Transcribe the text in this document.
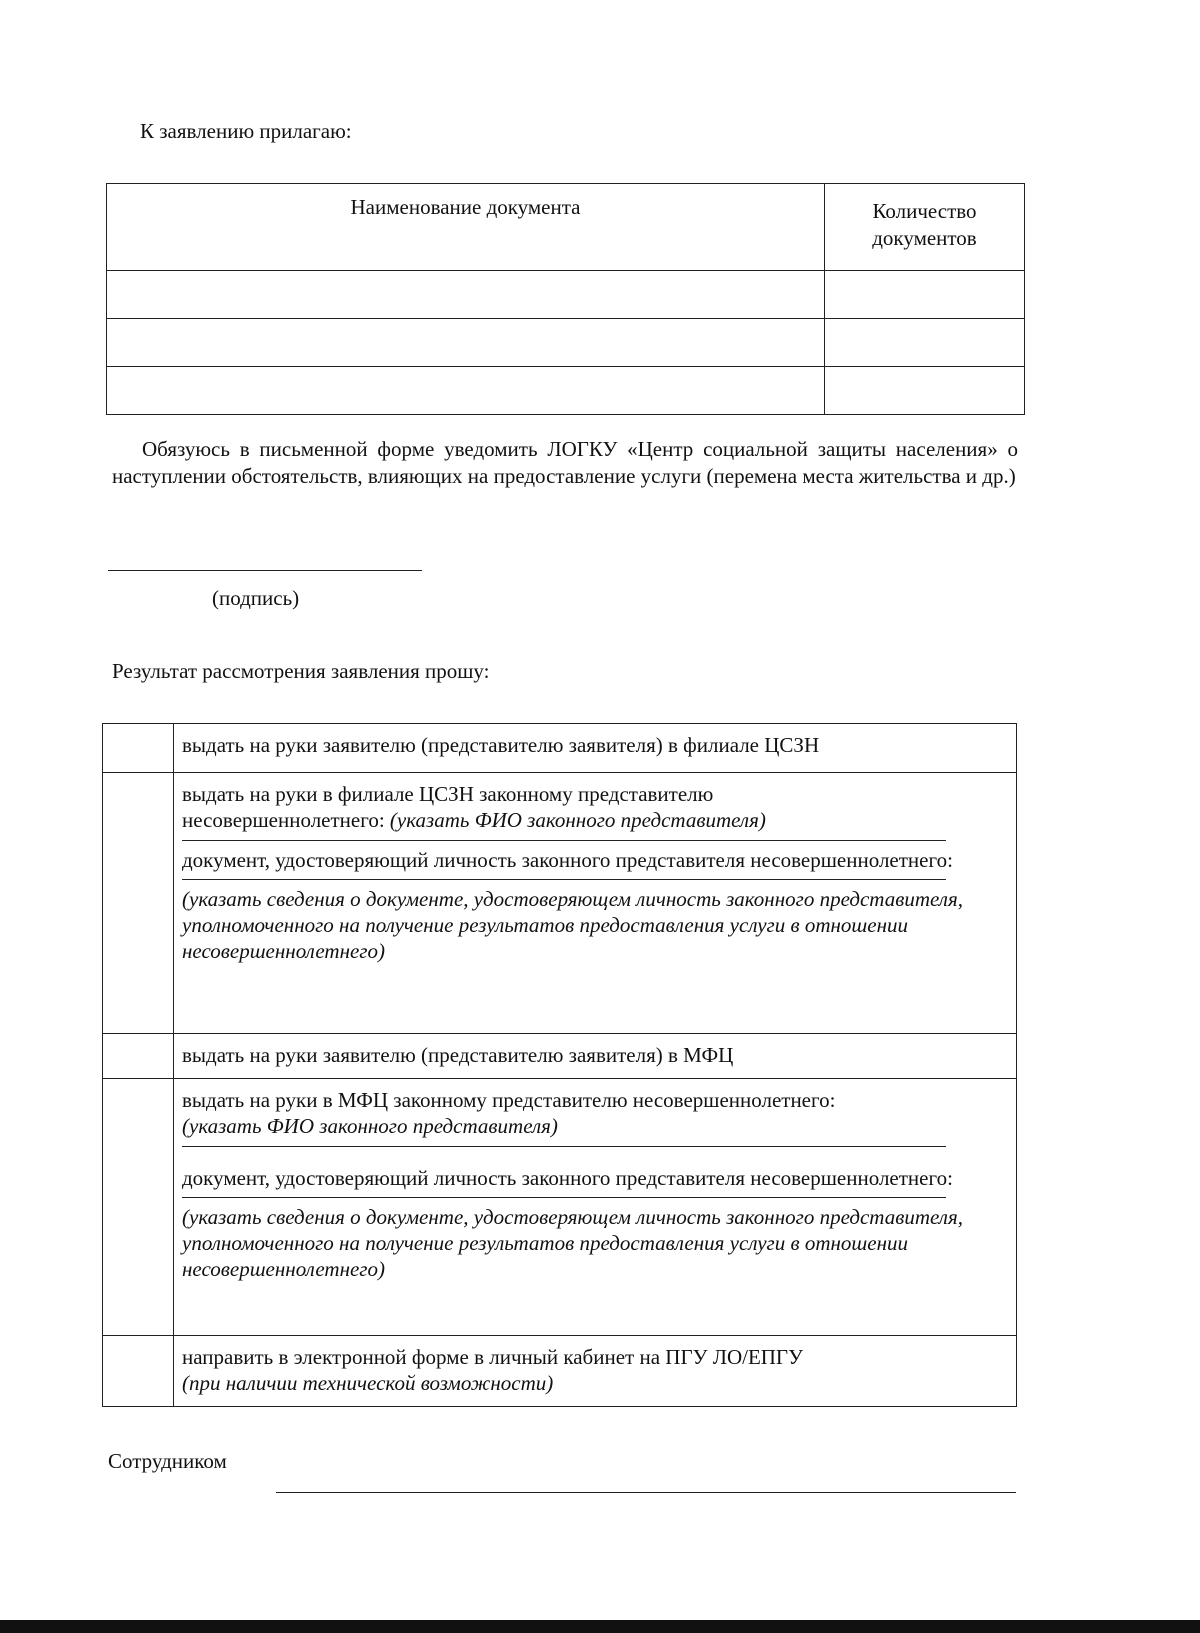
К заявлению прилагаю:
Наименование документа	Количество
документов

Обязуюсь в письменной форме уведомить ЛОГКУ «Центр социальной защиты населения» о наступлении обстоятельств, влияющих на предоставление услуги (перемена места жительства и др.)
(подпись)
Результат рассмотрения заявления прошу:
	выдать на руки заявителю (представителю заявителя) в филиале ЦСЗН

	выдать на руки в филиале ЦСЗН законному представителю
несовершеннолетнего: (указать ФИО законного представителя)
документ, удостоверяющий личность законного представителя несовершеннолетнего:
(указать сведения о документе, удостоверяющем личность законного представителя, уполномоченного на получение результатов предоставления услуги в отношении несовершеннолетнего)

	выдать на руки заявителю (представителю заявителя) в МФЦ

	выдать на руки в МФЦ законному представителю несовершеннолетнего:
(указать ФИО законного представителя)
документ, удостоверяющий личность законного представителя несовершеннолетнего:
(указать сведения о документе, удостоверяющем личность законного представителя, уполномоченного на получение результатов предоставления услуги в отношении несовершеннолетнего)

	направить в электронной форме в личный кабинет на ПГУ ЛО/ЕПГУ
(при наличии технической возможности)
Сотрудником
